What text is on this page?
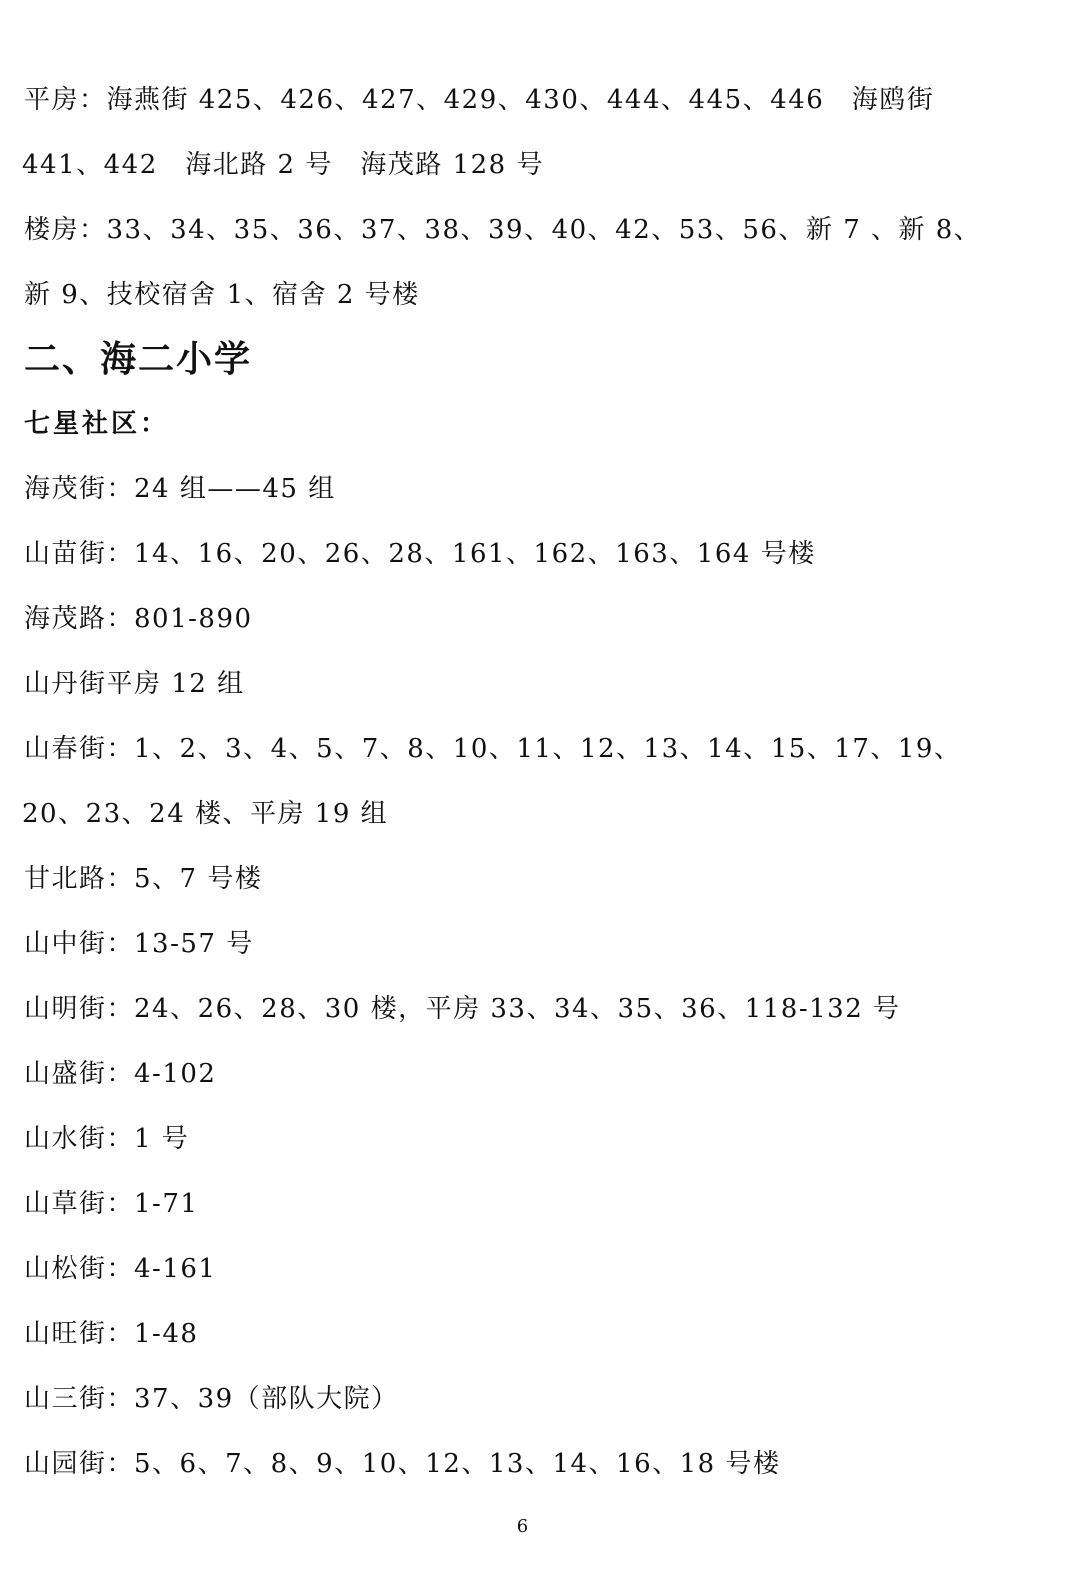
平房：海燕街 425、426、427、429、430、444、445、446　海鸥街
441、442　海北路 2 号　海茂路 128 号
楼房：33、34、35、36、37、38、39、40、42、53、56、新 7 、新 8、
新 9、技校宿舍 1、宿舍 2 号楼
二、海二小学
七星社区：
海茂街：24 组——45 组
山苗街：14、16、20、26、28、161、162、163、164 号楼
海茂路：801-890
山丹街平房 12 组
山春街：1、2、3、4、5、7、8、10、11、12、13、14、15、17、19、
20、23、24 楼、平房 19 组
甘北路：5、7 号楼
山中街：13-57 号
山明街：24、26、28、30 楼，平房 33、34、35、36、118-132 号
山盛街：4-102
山水街：1 号
山草街：1-71
山松街：4-161
山旺街：1-48
山三街：37、39（部队大院）
山园街：5、6、7、8、9、10、12、13、14、16、18 号楼
6
